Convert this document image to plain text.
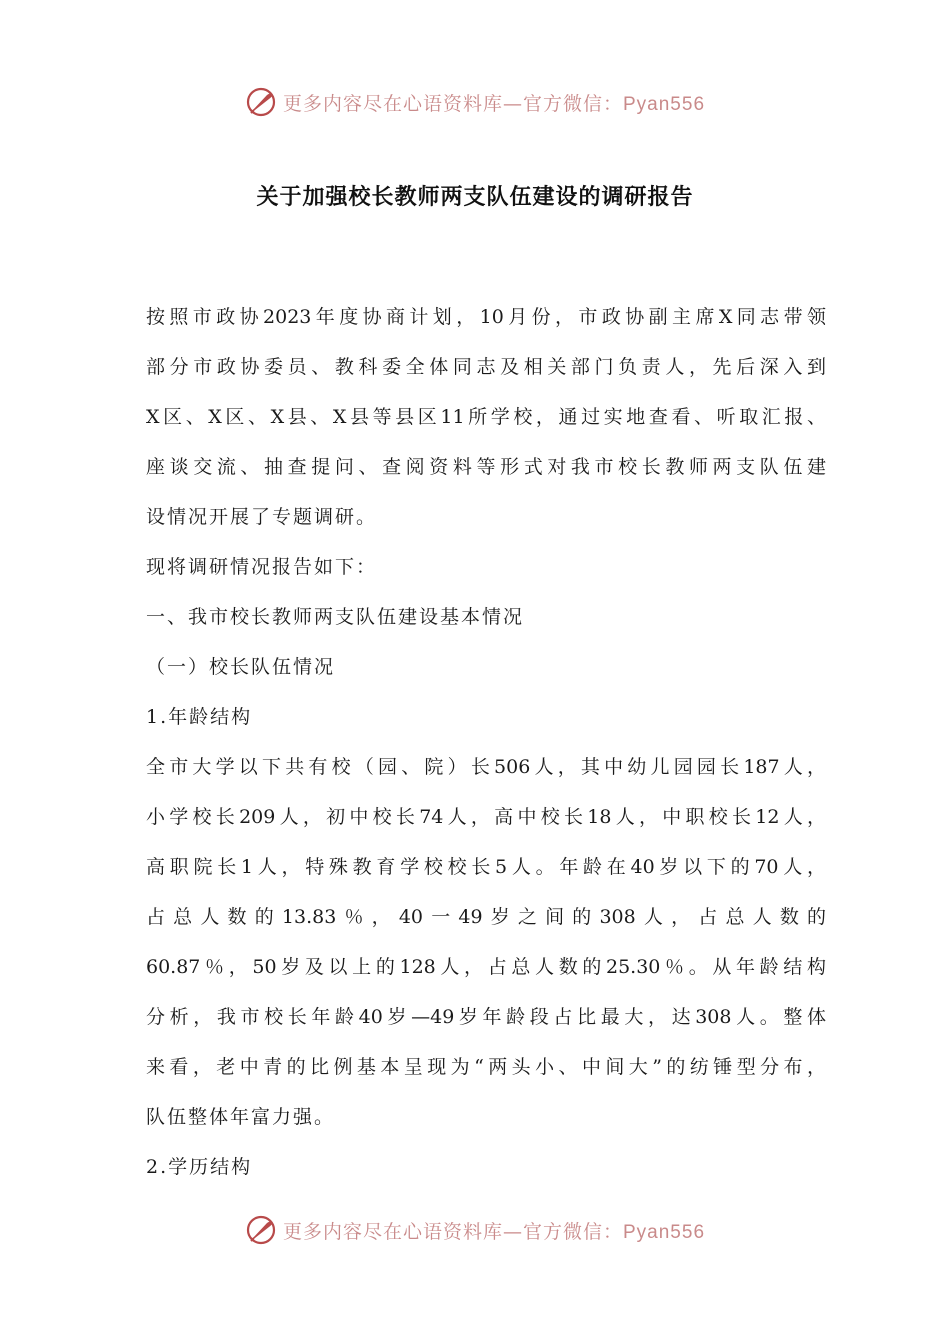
更多内容尽在心语资料库—官方微信：Pyan556
关于加强校长教师两支队伍建设的调研报告
按照市政协2023年度协商计划，10月份，市政协副主席X同志带领
部分市政协委员、教科委全体同志及相关部门负责人，先后深入到
X区、X区、X县、X县等县区11所学校，通过实地查看、听取汇报、
座谈交流、抽查提问、查阅资料等形式对我市校长教师两支队伍建
设情况开展了专题调研。
现将调研情况报告如下：
一、我市校长教师两支队伍建设基本情况
（一）校长队伍情况
1.年龄结构
全市大学以下共有校（园、院）长506人，其中幼儿园园长187人，
小学校长209人，初中校长74人，高中校长18人，中职校长12人，
高职院长1人，特殊教育学校校长5人。年龄在40岁以下的70人，
占总人数的13.83％，40一49岁之间的308人，占总人数的
60.87％，50岁及以上的128人，占总人数的25.30％。从年龄结构
分析，我市校长年龄40岁—49岁年龄段占比最大，达308人。整体
来看，老中青的比例基本呈现为“两头小、中间大”的纺锤型分布，
队伍整体年富力强。
2.学历结构
更多内容尽在心语资料库—官方微信：Pyan556
